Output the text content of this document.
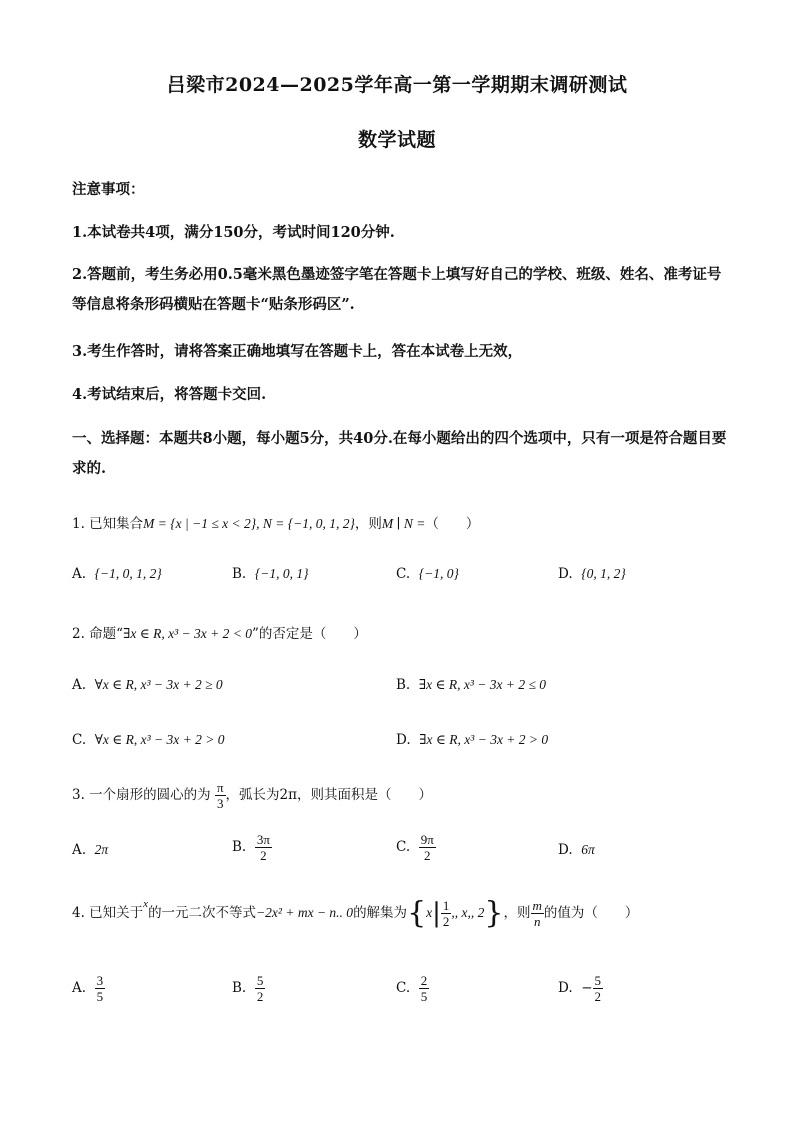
吕梁市2024—2025学年高一第一学期期末调研测试
数学试题
注意事项：
1.本试卷共4项，满分150分，考试时间120分钟.
2.答题前，考生务必用0.5毫米黑色墨迹签字笔在答题卡上填写好自己的学校、班级、姓名、准考证号等信息将条形码横贴在答题卡“贴条形码区”.
3.考生作答时，请将答案正确地填写在答题卡上，答在本试卷上无效，
4.考试结束后，将答题卡交回.
一、选择题：本题共8小题，每小题5分，共40分.在每小题给出的四个选项中，只有一项是符合题目要求的.
1. 已知集合M = {x | −1 ≤ x < 2}, N = {−1, 0, 1, 2}，则M ∣ N =（　　）
A. {−1, 0, 1, 2}	B. {−1, 0, 1}	C. {−1, 0}	D. {0, 1, 2}
2. 命题“∃x ∈ R, x³ − 3x + 2 < 0”的否定是（　　）
A. ∀x ∈ R, x³ − 3x + 2 ≥ 0	B. ∃x ∈ R, x³ − 3x + 2 ≤ 0
C. ∀x ∈ R, x³ − 3x + 2 > 0	D. ∃x ∈ R, x³ − 3x + 2 > 0
3. 一个扇形的圆心的为 $\frac{\pi}{3}$ ，弧长为2π，则其面积是（　　）
A. 2π	B. $\frac{3\pi}{2}$	C. $\frac{9\pi}{2}$	D. 6π
4. 已知关于$^x$的一元二次不等式−2x² + mx − n.. 0的解集为{$x| \frac{1}{2}$ ,, x,, 2}，则 $\frac{m}{n}$ 的值为（　　）
A. $\frac{3}{5}$	B. $\frac{5}{2}$	C. $\frac{2}{5}$	D. − $\frac{5}{2}$
